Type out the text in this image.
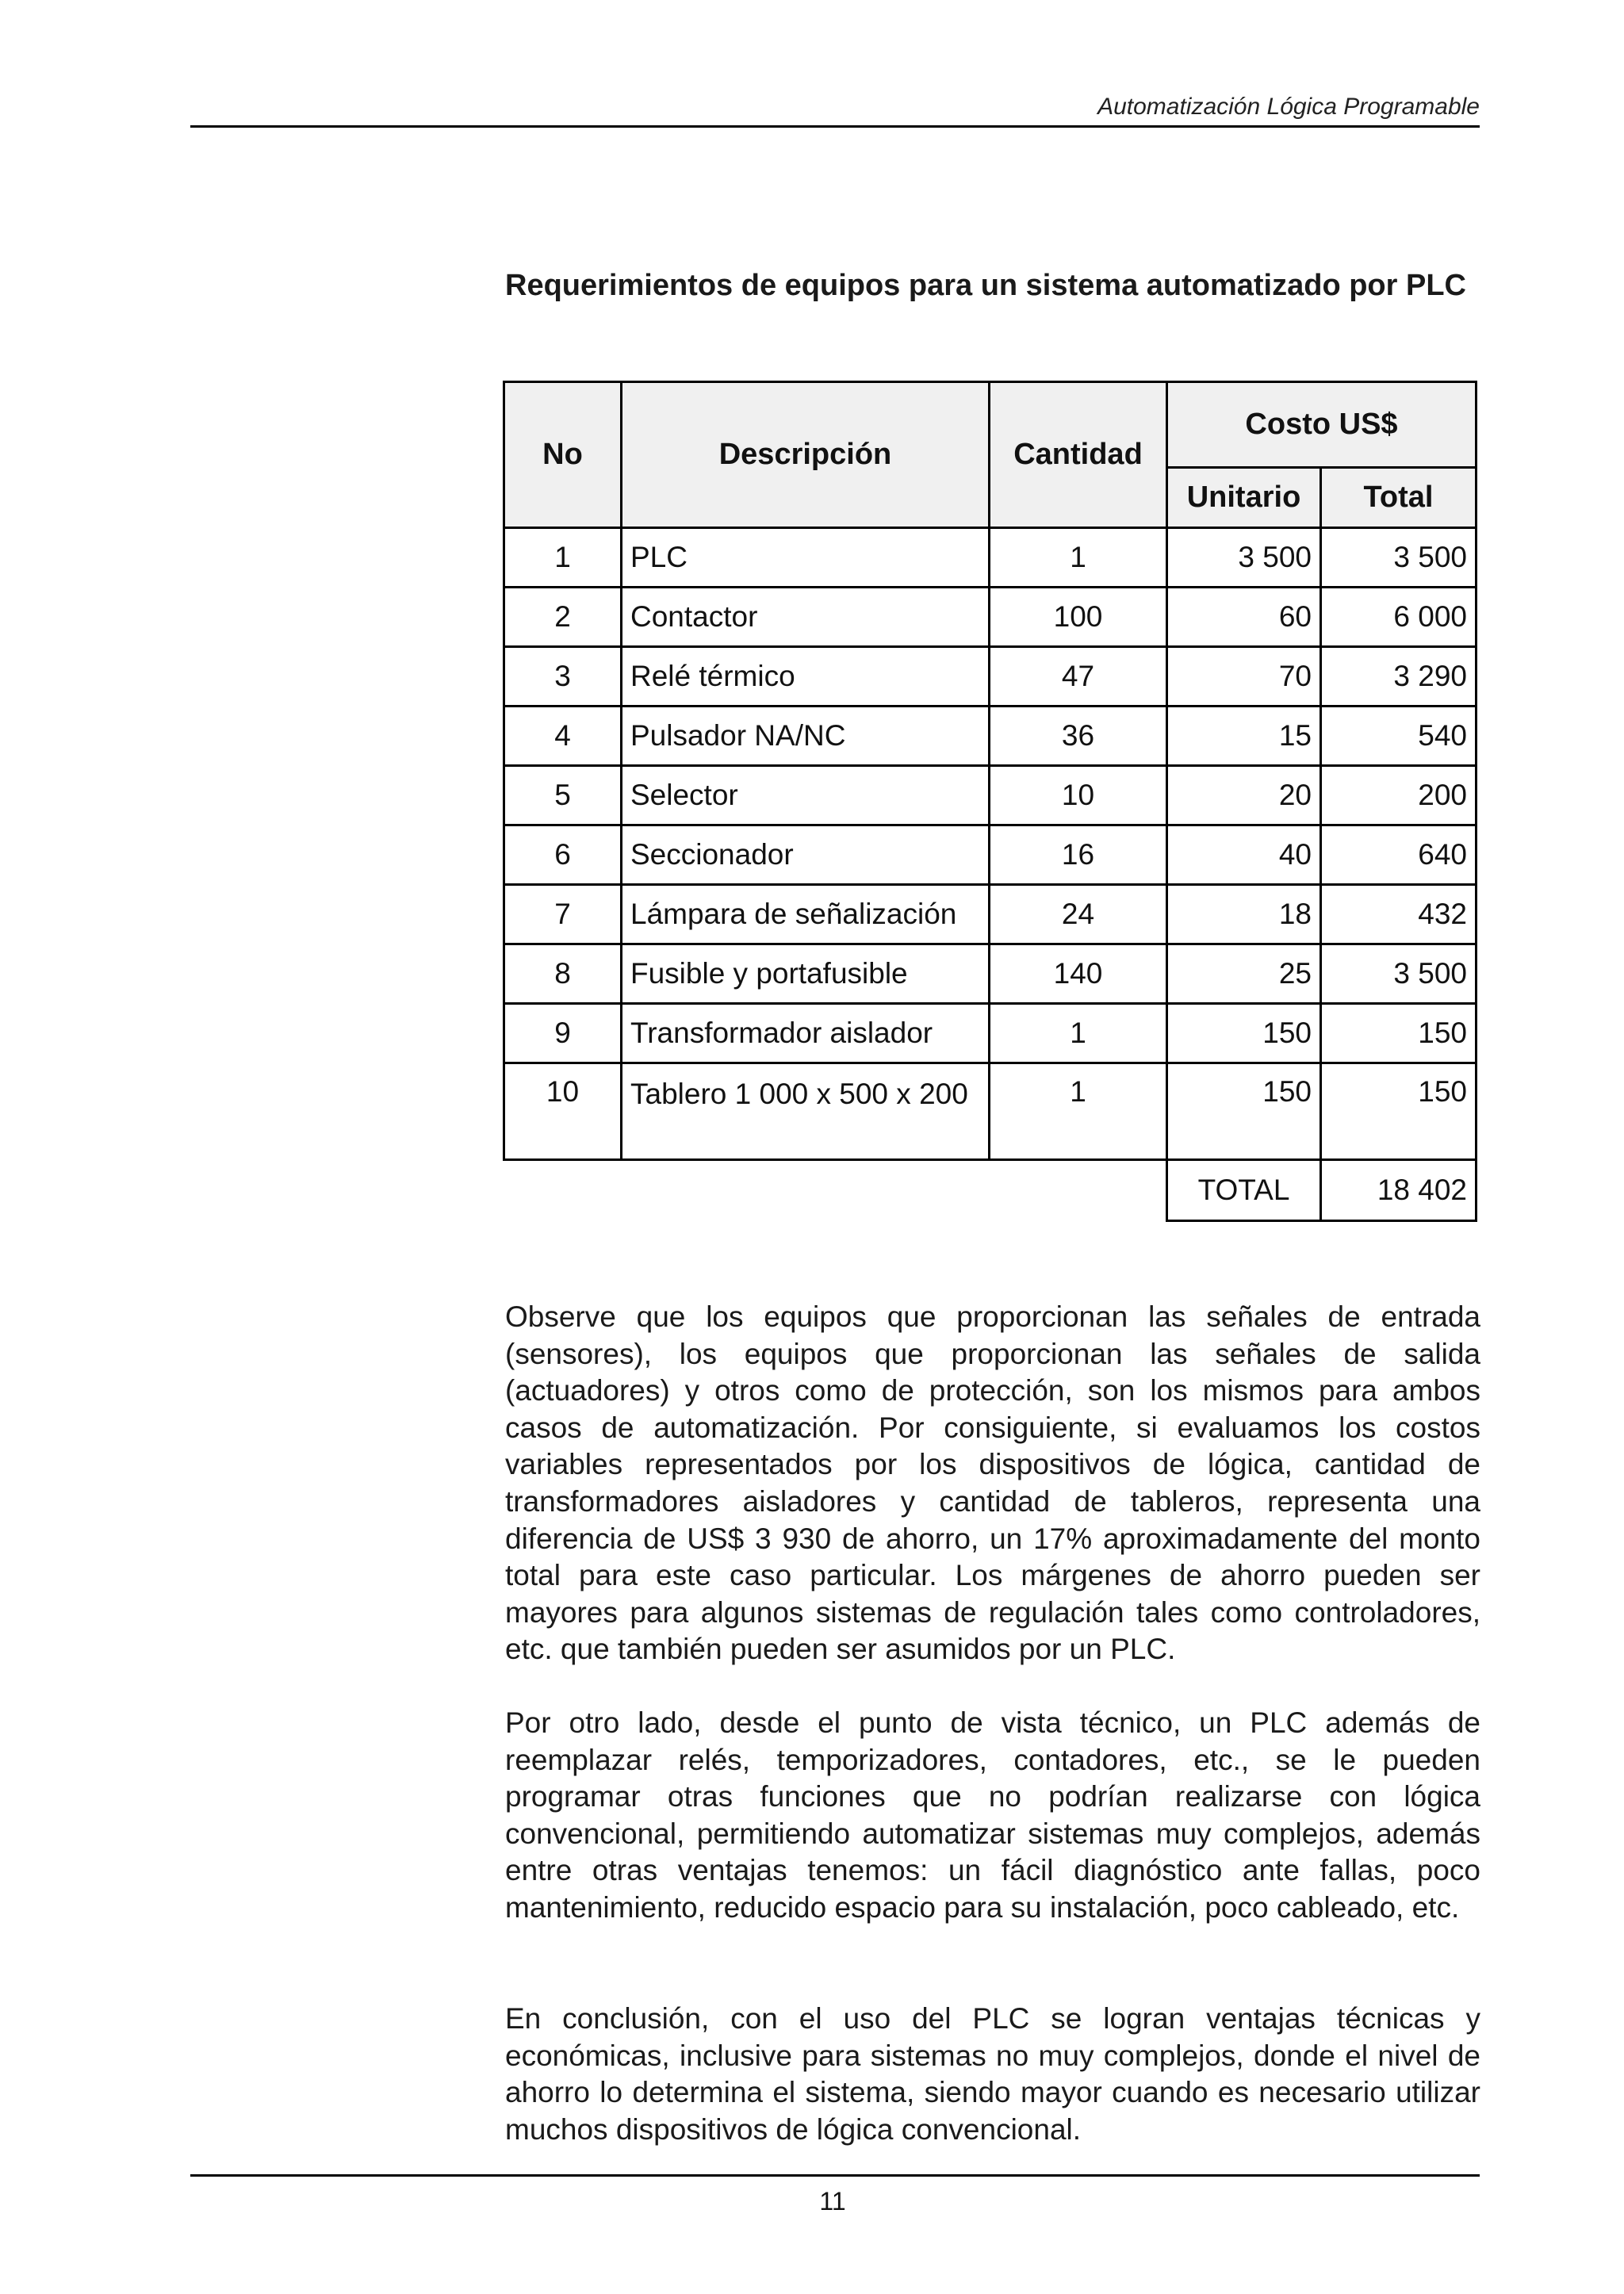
Automatización Lógica Programable
Requerimientos de equipos para un sistema automatizado por PLC
No	Descripción	Cantidad	Costo US$	
			Unitario	Total
1	PLC	1	3 500	3 500
2	Contactor	100	60	6 000
3	Relé térmico	47	70	3 290
4	Pulsador NA/NC	36	15	540
5	Selector	10	20	200
6	Seccionador	16	40	640
7	Lámpara de señalización	24	18	432
8	Fusible y portafusible	140	25	3 500
9	Transformador aislador	1	150	150
10	Tablero 1 000 x 500 x 200	1	150	150
			TOTAL	18 402

Observe que los equipos que proporcionan las señales de entrada (sensores), los equipos que proporcionan las señales de salida (actuadores) y otros como de protección, son los mismos para ambos casos de automatización. Por consiguiente, si evaluamos los costos variables representados por los dispositivos de lógica, cantidad de transformadores aisladores y cantidad de tableros, representa una diferencia de US$ 3 930 de ahorro, un 17% aproximadamente del monto total para este caso particular. Los márgenes de ahorro pueden ser mayores para algunos sistemas de regulación tales como controladores, etc. que también pueden ser asumidos por un PLC.

Por otro lado, desde el punto de vista técnico, un PLC además de reemplazar relés, temporizadores, contadores, etc., se le pueden programar otras funciones que no podrían realizarse con lógica convencional, permitiendo automatizar sistemas muy complejos, además entre otras ventajas tenemos: un fácil diagnóstico ante fallas, poco mantenimiento, reducido espacio para su instalación, poco cableado, etc.

En conclusión, con el uso del PLC se logran ventajas técnicas y económicas, inclusive para sistemas no muy complejos, donde el nivel de ahorro lo determina el sistema, siendo mayor cuando es necesario utilizar muchos dispositivos de lógica convencional.

11
